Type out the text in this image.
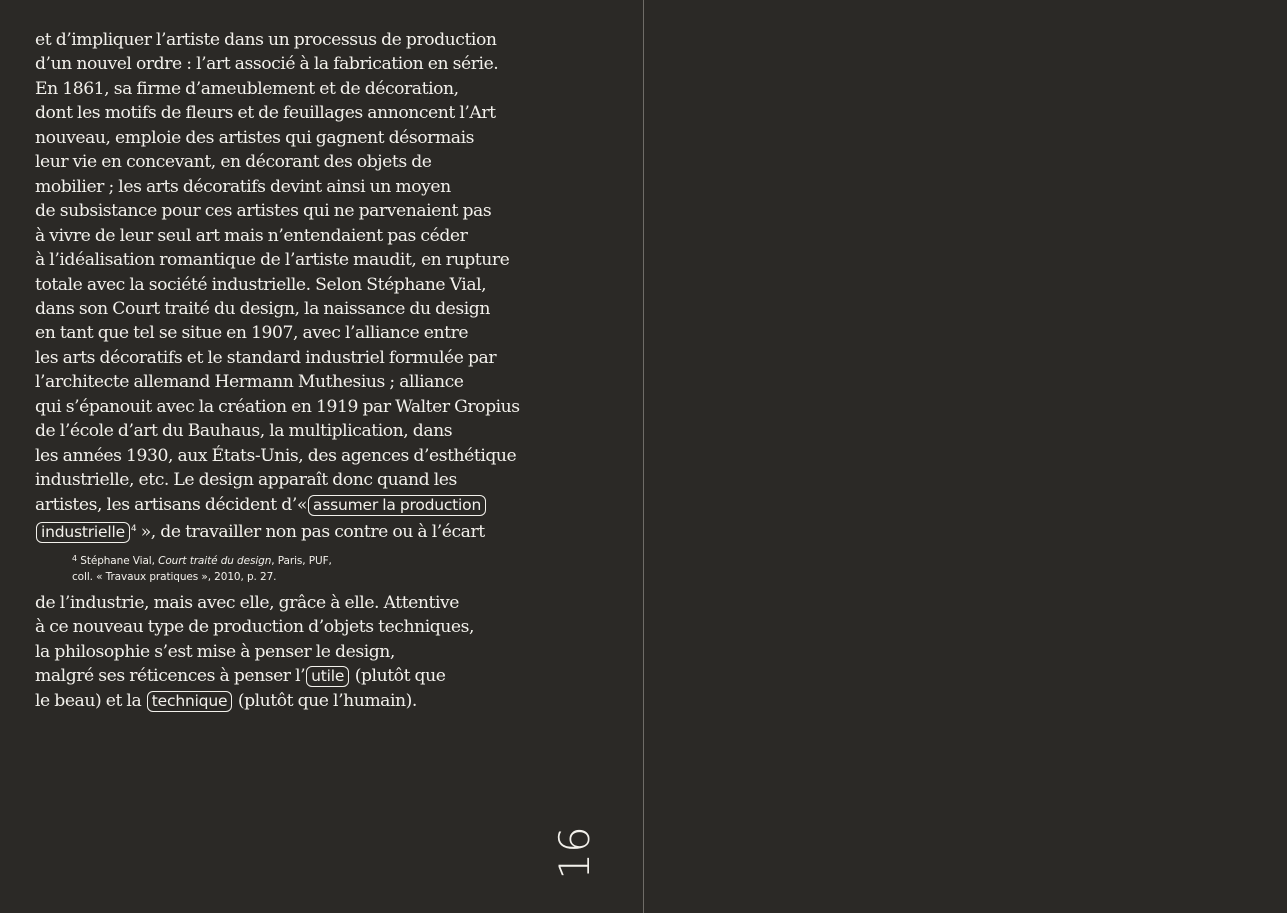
et d’impliquer l’artiste dans un processus de production
d’un nouvel ordre : l’art associé à la fabrication en série.
En 1861, sa firme d’ameublement et de décoration,
dont les motifs de fleurs et de feuillages annoncent l’Art
nouveau, emploie des artistes qui gagnent désormais
leur vie en concevant, en décorant des objets de
mobilier ; les arts décoratifs devint ainsi un moyen
de subsistance pour ces artistes qui ne parvenaient pas
à vivre de leur seul art mais n’entendaient pas céder
à l’idéalisation romantique de l’artiste maudit, en rupture
totale avec la société industrielle. Selon Stéphane Vial,
dans son Court traité du design, la naissance du design
en tant que tel se situe en 1907, avec l’alliance entre
les arts décoratifs et le standard industriel formulée par
l’architecte allemand Hermann Muthesius ; alliance
qui s’épanouit avec la création en 1919 par Walter Gropius
de l’école d’art du Bauhaus, la multiplication, dans
les années 1930, aux États-Unis, des agences d’esthétique
industrielle, etc. Le design apparaît donc quand les
artistes, les artisans décident d’« assumer la production
industrielle $^4$ », de travailler non pas contre ou à l’écart

$^4$ Stéphane Vial, Court traité du design, Paris, PUF,
coll. « Travaux pratiques », 2010, p. 27.

de l’industrie, mais avec elle, grâce à elle. Attentive
à ce nouveau type de production d’objets techniques,
la philosophie s’est mise à penser le design,
malgré ses réticences à penser l’ utile (plutôt que
le beau) et la technique (plutôt que l’humain).

16
